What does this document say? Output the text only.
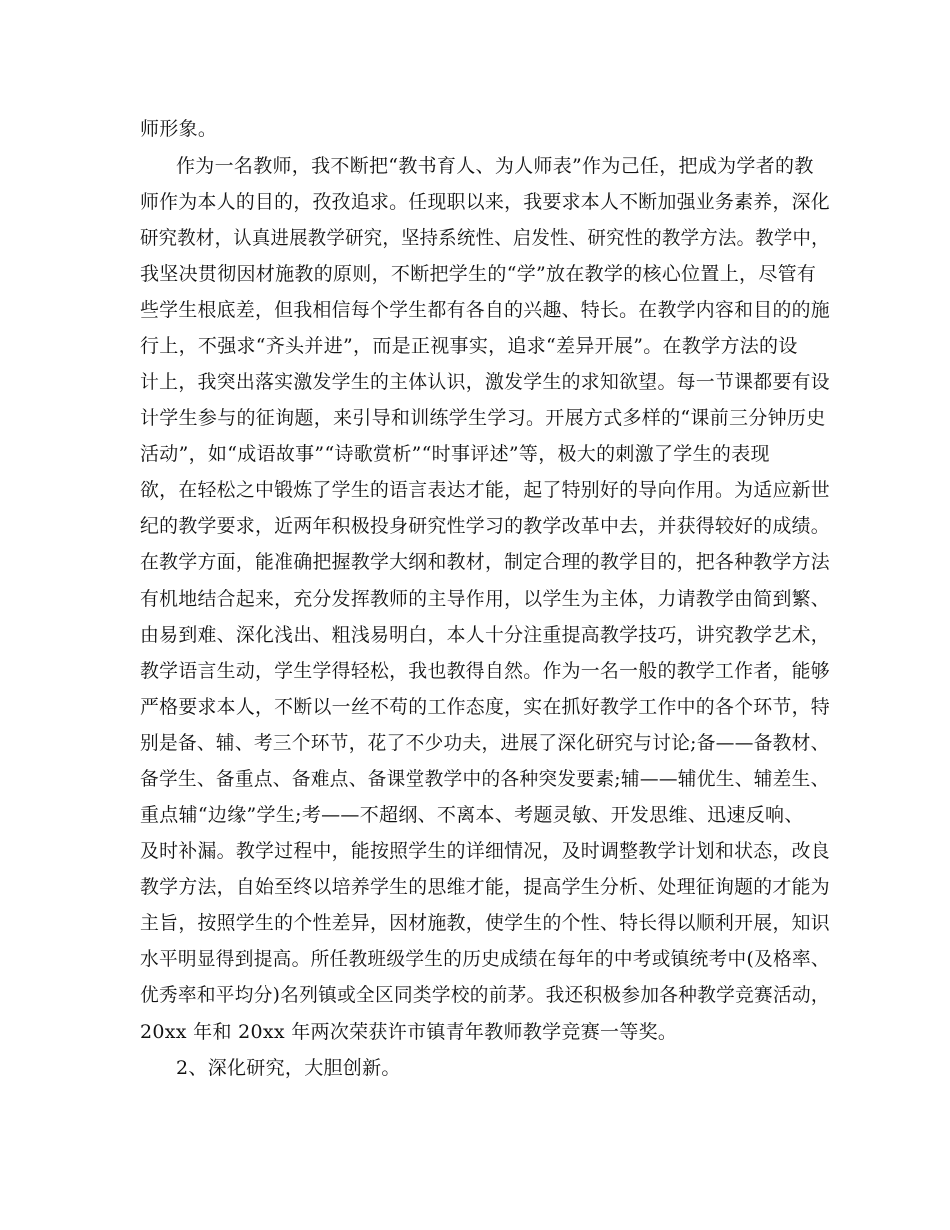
师形象。
作为一名教师，我不断把“教书育人、为人师表”作为己任，把成为学者的教
师作为本人的目的，孜孜追求。任现职以来，我要求本人不断加强业务素养，深化
研究教材，认真进展教学研究，坚持系统性、启发性、研究性的教学方法。教学中，
我坚决贯彻因材施教的原则，不断把学生的“学”放在教学的核心位置上，尽管有
些学生根底差，但我相信每个学生都有各自的兴趣、特长。在教学内容和目的的施
行上，不强求“齐头并进”，而是正视事实，追求“差异开展”。在教学方法的设
计上，我突出落实激发学生的主体认识，激发学生的求知欲望。每一节课都要有设
计学生参与的征询题，来引导和训练学生学习。开展方式多样的“课前三分钟历史
活动”，如“成语故事”“诗歌赏析”“时事评述”等，极大的刺激了学生的表现
欲，在轻松之中锻炼了学生的语言表达才能，起了特别好的导向作用。为适应新世
纪的教学要求，近两年积极投身研究性学习的教学改革中去，并获得较好的成绩。
在教学方面，能准确把握教学大纲和教材，制定合理的教学目的，把各种教学方法
有机地结合起来，充分发挥教师的主导作用，以学生为主体，力请教学由简到繁、
由易到难、深化浅出、粗浅易明白，本人十分注重提高教学技巧，讲究教学艺术，
教学语言生动，学生学得轻松，我也教得自然。作为一名一般的教学工作者，能够
严格要求本人，不断以一丝不苟的工作态度，实在抓好教学工作中的各个环节，特
别是备、辅、考三个环节，花了不少功夫，进展了深化研究与讨论;备——备教材、
备学生、备重点、备难点、备课堂教学中的各种突发要素;辅——辅优生、辅差生、
重点辅“边缘”学生;考——不超纲、不离本、考题灵敏、开发思维、迅速反响、
及时补漏。教学过程中，能按照学生的详细情况，及时调整教学计划和状态，改良
教学方法，自始至终以培养学生的思维才能，提高学生分析、处理征询题的才能为
主旨，按照学生的个性差异，因材施教，使学生的个性、特长得以顺利开展，知识
水平明显得到提高。所任教班级学生的历史成绩在每年的中考或镇统考中(及格率、
优秀率和平均分)名列镇或全区同类学校的前茅。我还积极参加各种教学竞赛活动，
20xx 年和 20xx 年两次荣获许市镇青年教师教学竞赛一等奖。
2、深化研究，大胆创新。
